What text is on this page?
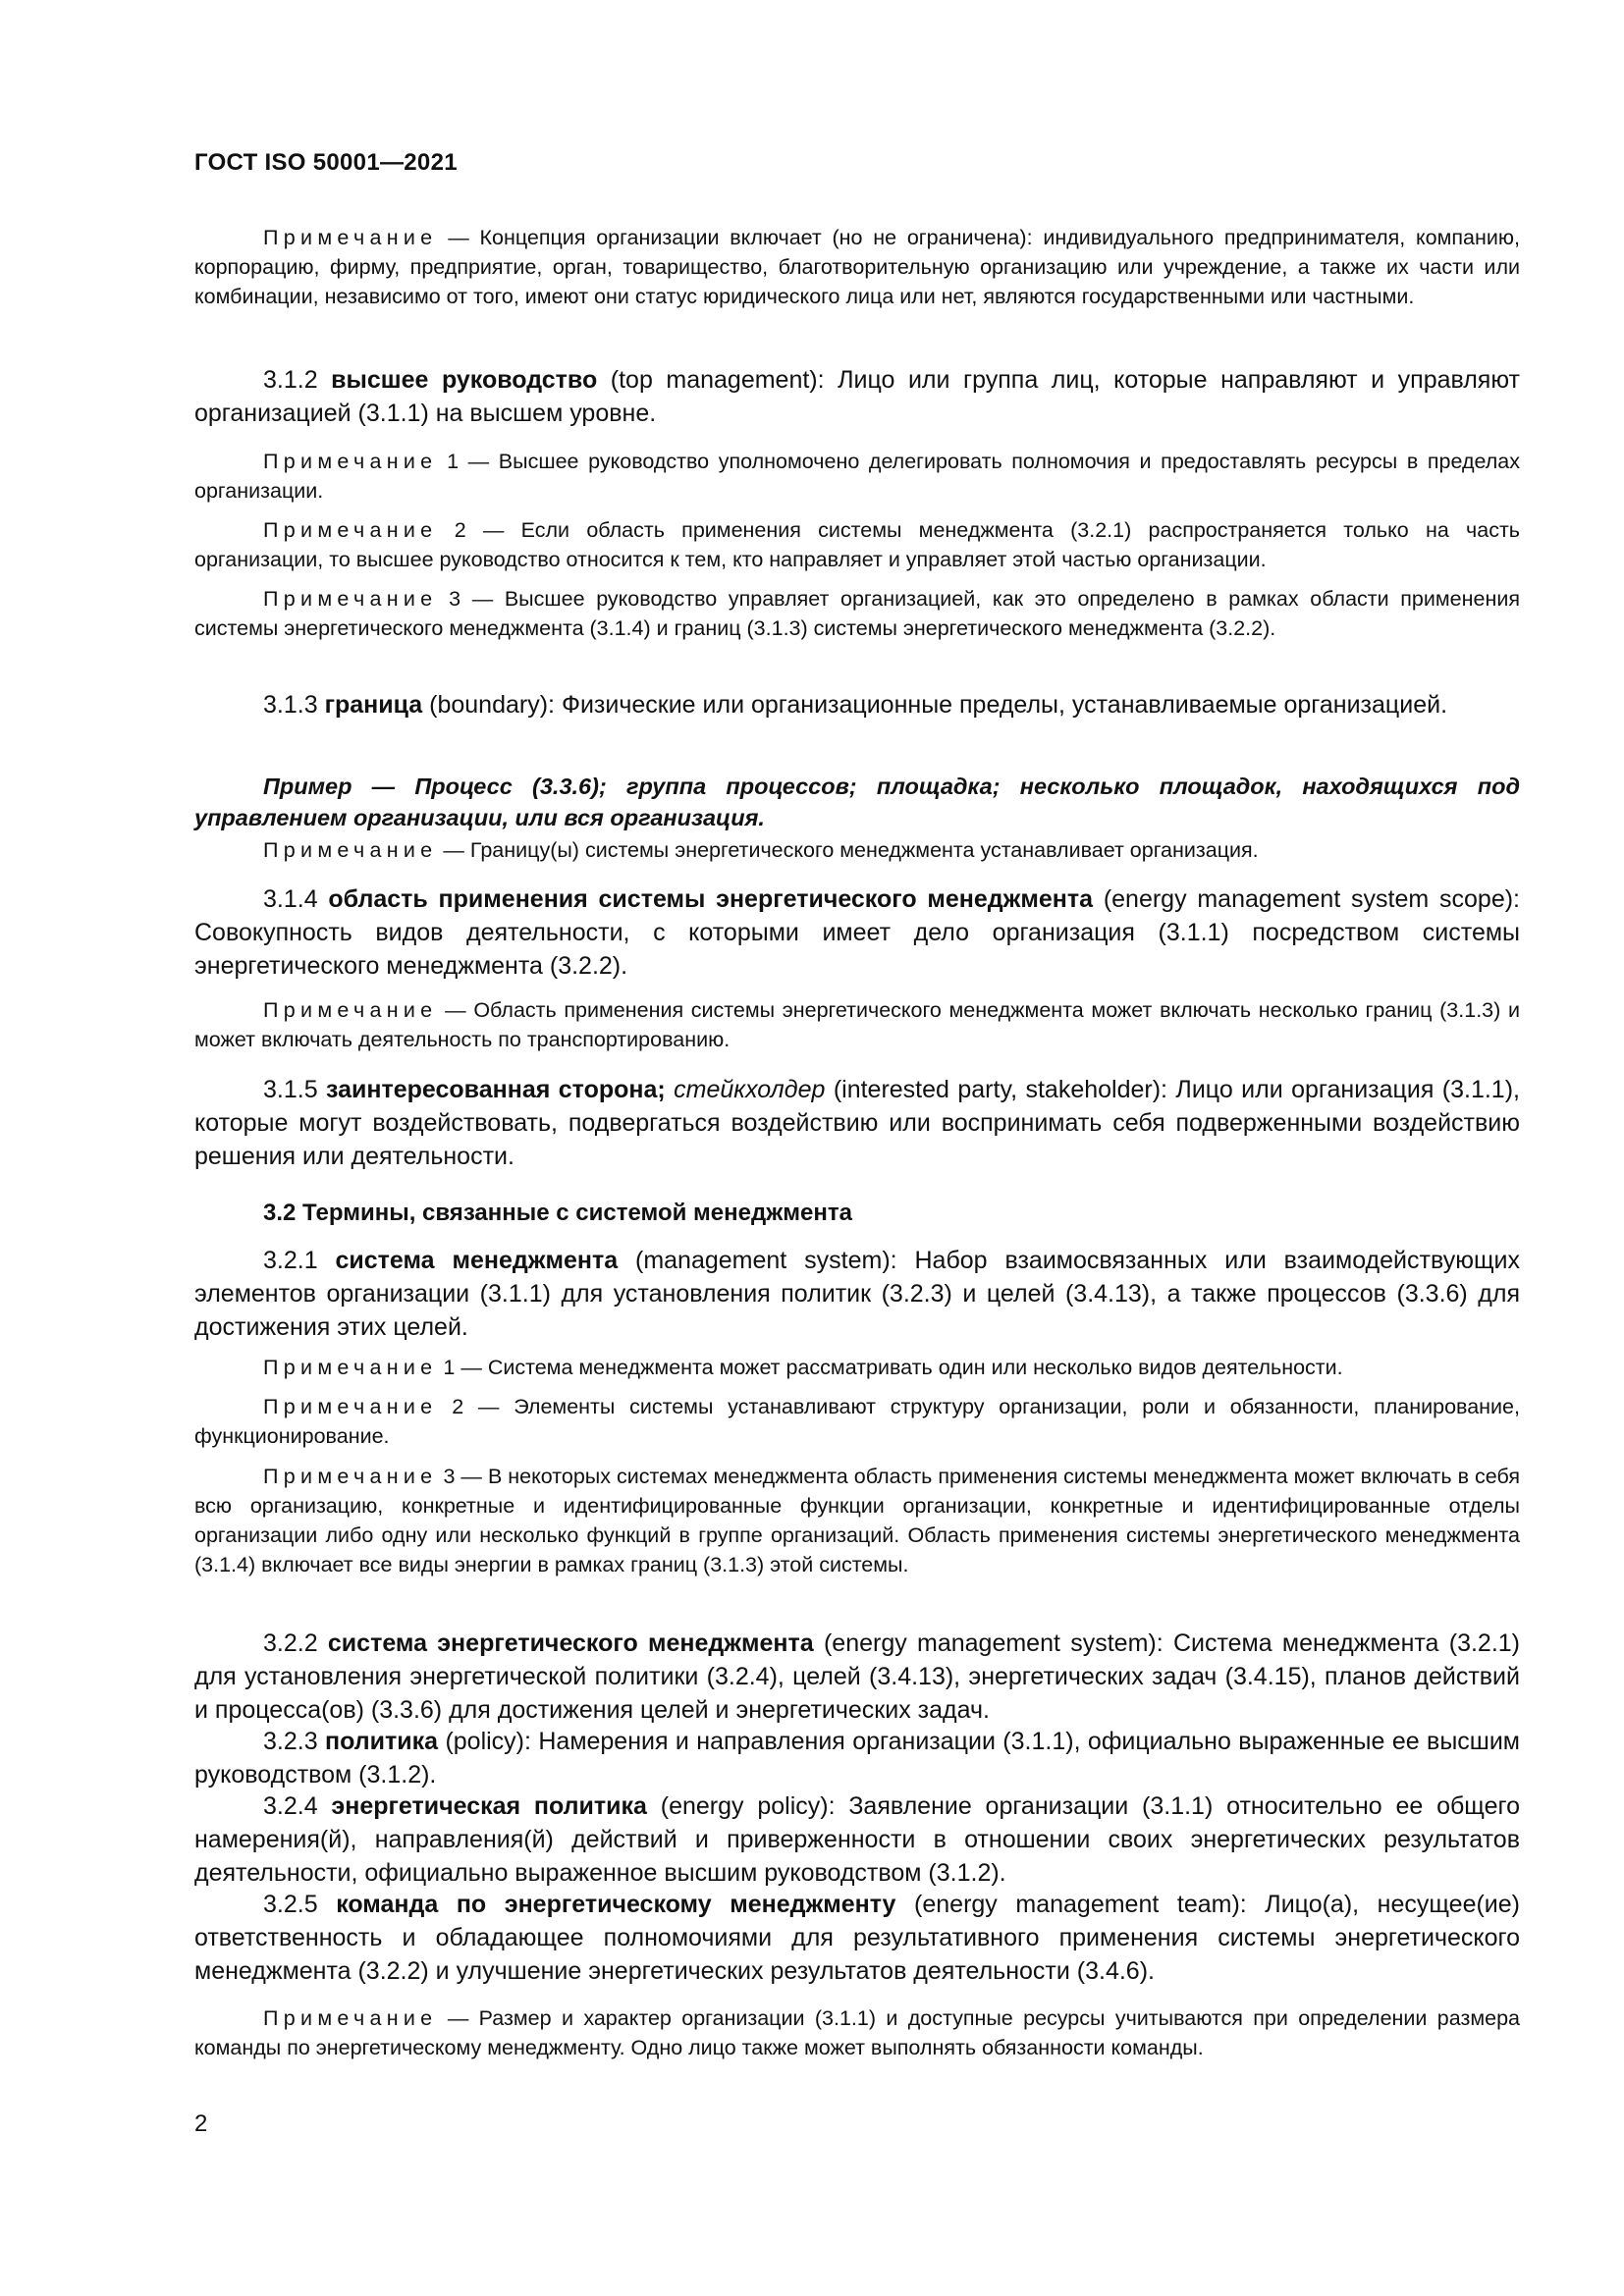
ГОСТ ISO 50001—2021

Примечание — Концепция организации включает (но не ограничена): индивидуального предпринимателя, компанию, корпорацию, фирму, предприятие, орган, товарищество, благотворительную организацию или учреждение, а также их части или комбинации, независимо от того, имеют они статус юридического лица или нет, являются государственными или частными.

3.1.2 высшее руководство (top management): Лицо или группа лиц, которые направляют и управляют организацией (3.1.1) на высшем уровне.

Примечание 1 — Высшее руководство уполномочено делегировать полномочия и предоставлять ресурсы в пределах организации.

Примечание 2 — Если область применения системы менеджмента (3.2.1) распространяется только на часть организации, то высшее руководство относится к тем, кто направляет и управляет этой частью организации.

Примечание 3 — Высшее руководство управляет организацией, как это определено в рамках области применения системы энергетического менеджмента (3.1.4) и границ (3.1.3) системы энергетического менеджмента (3.2.2).

3.1.3 граница (boundary): Физические или организационные пределы, устанавливаемые организацией.

Пример — Процесс (3.3.6); группа процессов; площадка; несколько площадок, находящихся под управлением организации, или вся организация.

Примечание — Границу(ы) системы энергетического менеджмента устанавливает организация.

3.1.4 область применения системы энергетического менеджмента (energy management system scope): Совокупность видов деятельности, с которыми имеет дело организация (3.1.1) посредством системы энергетического менеджмента (3.2.2).

Примечание — Область применения системы энергетического менеджмента может включать несколько границ (3.1.3) и может включать деятельность по транспортированию.

3.1.5 заинтересованная сторона; стейкхолдер (interested party, stakeholder): Лицо или организация (3.1.1), которые могут воздействовать, подвергаться воздействию или воспринимать себя подверженными воздействию решения или деятельности.

3.2 Термины, связанные с системой менеджмента

3.2.1 система менеджмента (management system): Набор взаимосвязанных или взаимодействующих элементов организации (3.1.1) для установления политик (3.2.3) и целей (3.4.13), а также процессов (3.3.6) для достижения этих целей.

Примечание 1 — Система менеджмента может рассматривать один или несколько видов деятельности.

Примечание 2 — Элементы системы устанавливают структуру организации, роли и обязанности, планирование, функционирование.

Примечание 3 — В некоторых системах менеджмента область применения системы менеджмента может включать в себя всю организацию, конкретные и идентифицированные функции организации, конкретные и идентифицированные отделы организации либо одну или несколько функций в группе организаций. Область применения системы энергетического менеджмента (3.1.4) включает все виды энергии в рамках границ (3.1.3) этой системы.

3.2.2 система энергетического менеджмента (energy management system): Система менеджмента (3.2.1) для установления энергетической политики (3.2.4), целей (3.4.13), энергетических задач (3.4.15), планов действий и процесса(ов) (3.3.6) для достижения целей и энергетических задач.

3.2.3 политика (policy): Намерения и направления организации (3.1.1), официально выраженные ее высшим руководством (3.1.2).

3.2.4 энергетическая политика (energy policy): Заявление организации (3.1.1) относительно ее общего намерения(й), направления(й) действий и приверженности в отношении своих энергетических результатов деятельности, официально выраженное высшим руководством (3.1.2).

3.2.5 команда по энергетическому менеджменту (energy management team): Лицо(а), несущее(ие) ответственность и обладающее полномочиями для результативного применения системы энергетического менеджмента (3.2.2) и улучшение энергетических результатов деятельности (3.4.6).

Примечание — Размер и характер организации (3.1.1) и доступные ресурсы учитываются при определении размера команды по энергетическому менеджменту. Одно лицо также может выполнять обязанности команды.

2
